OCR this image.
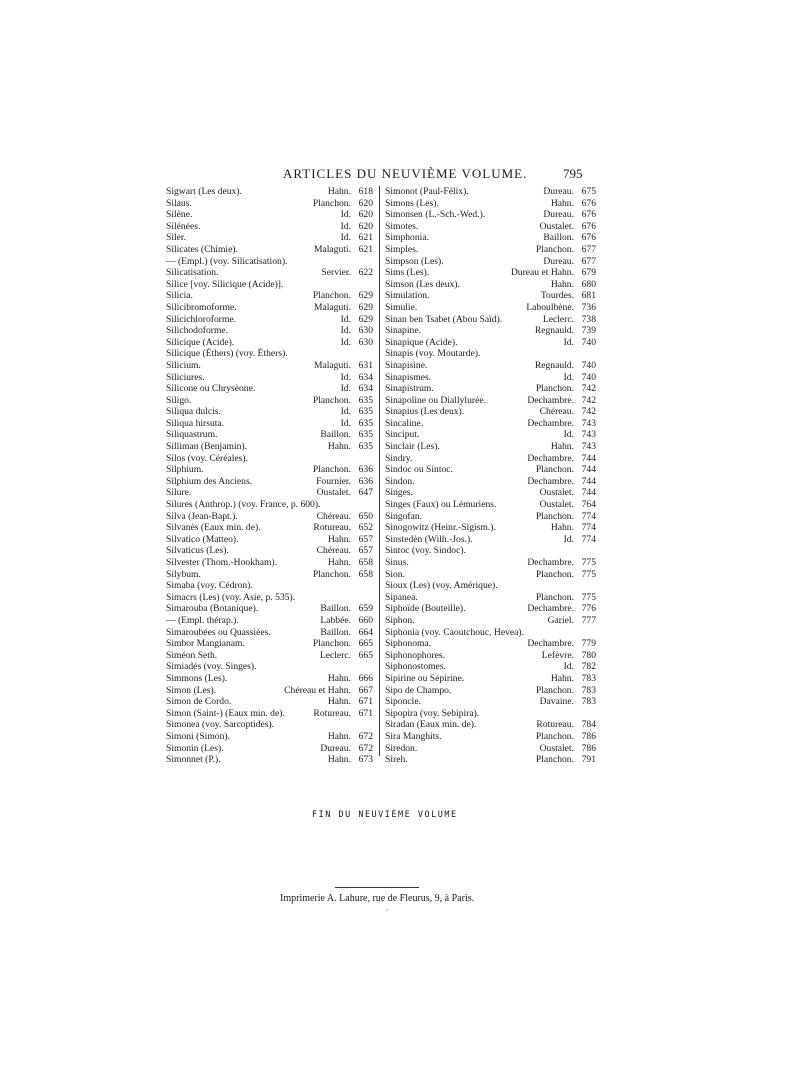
ARTICLES DU NEUVIÈME VOLUME.	795
Sigwart (Les deux).	Hahn. 618
Silaus.	Planchon. 620
Silène.	Id. 620
Silénées.	Id. 620
Siler.	Id. 621
Silicates (Chimie).	Malaguti. 621
— (Empl.) (voy. Silicatisation).
Silicatisation.	Servier. 622
Silice [voy. Silicique (Acide)].
Silicia.	Planchon. 629
Silicibromoforme.	Malaguti. 629
Silicichloroforme.	Id. 629
Silichodoforme.	Id. 630
Silicique (Acide).	Id. 630
Silicique (Éthers) (voy. Éthers).
Silicium.	Malaguti. 631
Siliciures.	Id. 634
Silicone ou Chrysèone.	Id. 634
Siligo.	Planchon. 635
Siliqua dulcis.	Id. 635
Siliqua hirsuta.	Id. 635
Siliquastrum.	Baillon. 635
Silliman (Benjamin).	Hahn. 635
Silos (voy. Céréales).
Silphium.	Planchon. 636
Silphium des Anciens.	Fournier. 636
Silure.	Oustalet. 647
Silures (Anthrop.) (voy. France, p. 600).
Silva (Jean-Bapt.).	Chéreau. 650
Silvanès (Eaux min. de).	Rotureau. 652
Silvatico (Matteo).	Hahn. 657
Silvaticus (Les).	Chéreau. 657
Silvester (Thom.-Hookham).	Hahn. 658
Silybum.	Planchon. 658
Simaba (voy. Cédron).
Simacrs (Les) (voy. Asie, p. 535).
Simarouba (Botanique).	Baillon. 659
— (Empl. thérap.).	Labbée. 660
Simaroubées ou Quassiées.	Baillon. 664
Simbor Mangianam.	Planchon. 665
Siméon Seth.	Leclerc. 665
Simiadés (voy. Singes).
Simmons (Les).	Hahn. 666
Simon (Les).	Chéreau et Hahn. 667
Simon de Cordo.	Hahn. 671
Simon (Saint-) (Eaux min. de).	Rotureau. 671
Simonea (voy. Sarcoptides).
Simoni (Simon).	Hahn. 672
Simonin (Les).	Dureau. 672
Simonnet (P.).	Hahn. 673
Simonot (Paul-Félix).	Dureau. 675
Simons (Les).	Hahn. 676
Simonsen (L.-Sch.-Wed.).	Dureau. 676
Simotes.	Oustalet. 676
Simphonia.	Baillon. 676
Simples.	Planchon. 677
Simpson (Les).	Dureau. 677
Sims (Les).	Dureau et Hahn. 679
Simson (Les deux).	Hahn. 680
Simulation.	Tourdes. 681
Simulie.	Laboulbène. 736
Sinan ben Tsabet (Abou Saïd).	Leclerc. 738
Sinapine.	Regnauld. 739
Sinapique (Acide).	Id. 740
Sinapis (voy. Moutarde).
Sinapisine.	Regnauld. 740
Sinapismes.	Id. 740
Sinapistrum.	Planchon. 742
Sinapoline ou Diallylurée.	Dechambre. 742
Sinapius (Les deux).	Chéreau. 742
Sincaline.	Dechambre. 743
Sinciput.	Id. 743
Sinclair (Les).	Hahn. 743
Sindry.	Dechambre. 744
Sindoc ou Sintoc.	Planchon. 744
Sindon.	Dechambre. 744
Singes.	Oustalet. 744
Singes (Faux) ou Lémuriens.	Oustalet. 764
Singofan.	Planchon. 774
Sinogowitz (Heinr.-Sigism.).	Hahn. 774
Sinstedèn (Wilh.-Jos.).	Id. 774
Sintoc (voy. Sindoc).
Sinus.	Dechambre. 775
Sion.	Planchon. 775
Sioux (Les) (voy. Amérique).
Sipanea.	Planchon. 775
Siphoïde (Bouteille).	Dechambre. 776
Siphon.	Gariel. 777
Siphonia (voy. Caoutchouc, Hevea).
Siphonoma.	Dechambre. 779
Siphonophores.	Lefèvre. 780
Siphonostomes.	Id. 782
Sipirine ou Sépirine.	Hahn. 783
Sipo de Champo.	Planchon. 783
Siponcle.	Davaine. 783
Sipopira (voy. Sebipira).
Siradan (Eaux min. de).	Rotureau. 784
Sira Manghits.	Planchon. 786
Siredon.	Oustalet. 786
Sireh.	Planchon. 791
FIN DU NEUVIÈME VOLUME
Imprimerie A. Lahure, rue de Fleurus, 9, à Paris.
·
